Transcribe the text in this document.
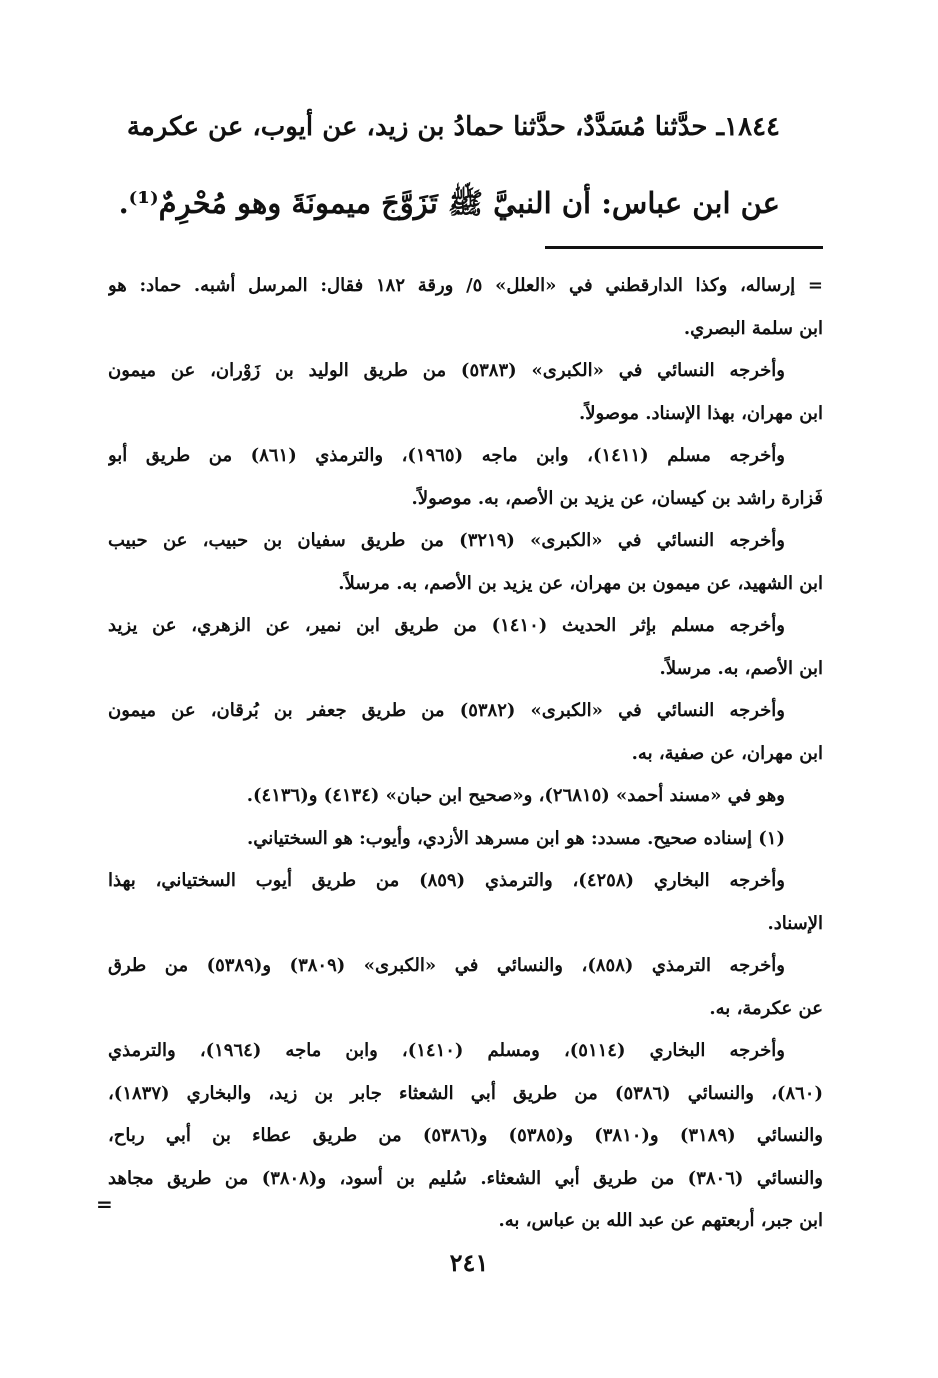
١٨٤٤ـ حدَّثنا مُسَدَّدٌ، حدَّثنا حمادُ بن زيد، عن أيوب، عن عكرمة
عن ابن عباس: أن النبيَّ ﷺ تَزَوَّجَ ميمونَةَ وهو مُحْرِمٌ⁽¹⁾.
= إرساله، وكذا الدارقطني في «العلل» ٥/ ورقة ١٨٢ فقال: المرسل أشبه. حماد: هو
ابن سلمة البصري.
وأخرجه النسائي في «الكبرى» (٥٣٨٣) من طريق الوليد بن زَوْران، عن ميمون
ابن مهران، بهذا الإسناد. موصولاً.
وأخرجه مسلم (١٤١١)، وابن ماجه (١٩٦٥)، والترمذي (٨٦١) من طريق أبو
فَزارة راشد بن كيسان، عن يزيد بن الأصم، به. موصولاً.
وأخرجه النسائي في «الكبرى» (٣٢١٩) من طريق سفيان بن حبيب، عن حبيب
ابن الشهيد، عن ميمون بن مهران، عن يزيد بن الأصم، به. مرسلاً.
وأخرجه مسلم بإثر الحديث (١٤١٠) من طريق ابن نمير، عن الزهري، عن يزيد
ابن الأصم، به. مرسلاً.
وأخرجه النسائي في «الكبرى» (٥٣٨٢) من طريق جعفر بن بُرقان، عن ميمون
ابن مهران، عن صفية، به.
وهو في «مسند أحمد» (٢٦٨١٥)، و«صحيح ابن حبان» (٤١٣٤) و(٤١٣٦).
(١) إسناده صحيح. مسدد: هو ابن مسرهد الأزدي، وأيوب: هو السختياني.
وأخرجه البخاري (٤٢٥٨)، والترمذي (٨٥٩) من طريق أيوب السختياني، بهذا
الإسناد.
وأخرجه الترمذي (٨٥٨)، والنسائي في «الكبرى» (٣٨٠٩) و(٥٣٨٩) من طرق
عن عكرمة، به.
وأخرجه البخاري (٥١١٤)، ومسلم (١٤١٠)، وابن ماجه (١٩٦٤)، والترمذي
(٨٦٠)، والنسائي (٥٣٨٦) من طريق أبي الشعثاء جابر بن زيد، والبخاري (١٨٣٧)،
والنسائي (٣١٨٩) و(٣٨١٠) و(٥٣٨٥) و(٥٣٨٦) من طريق عطاء بن أبي رباح،
والنسائي (٣٨٠٦) من طريق أبي الشعثاء. سُليم بن أسود، و(٣٨٠٨) من طريق مجاهد
ابن جبر، أربعتهم عن عبد الله بن عباس، به.
=
٢٤١
